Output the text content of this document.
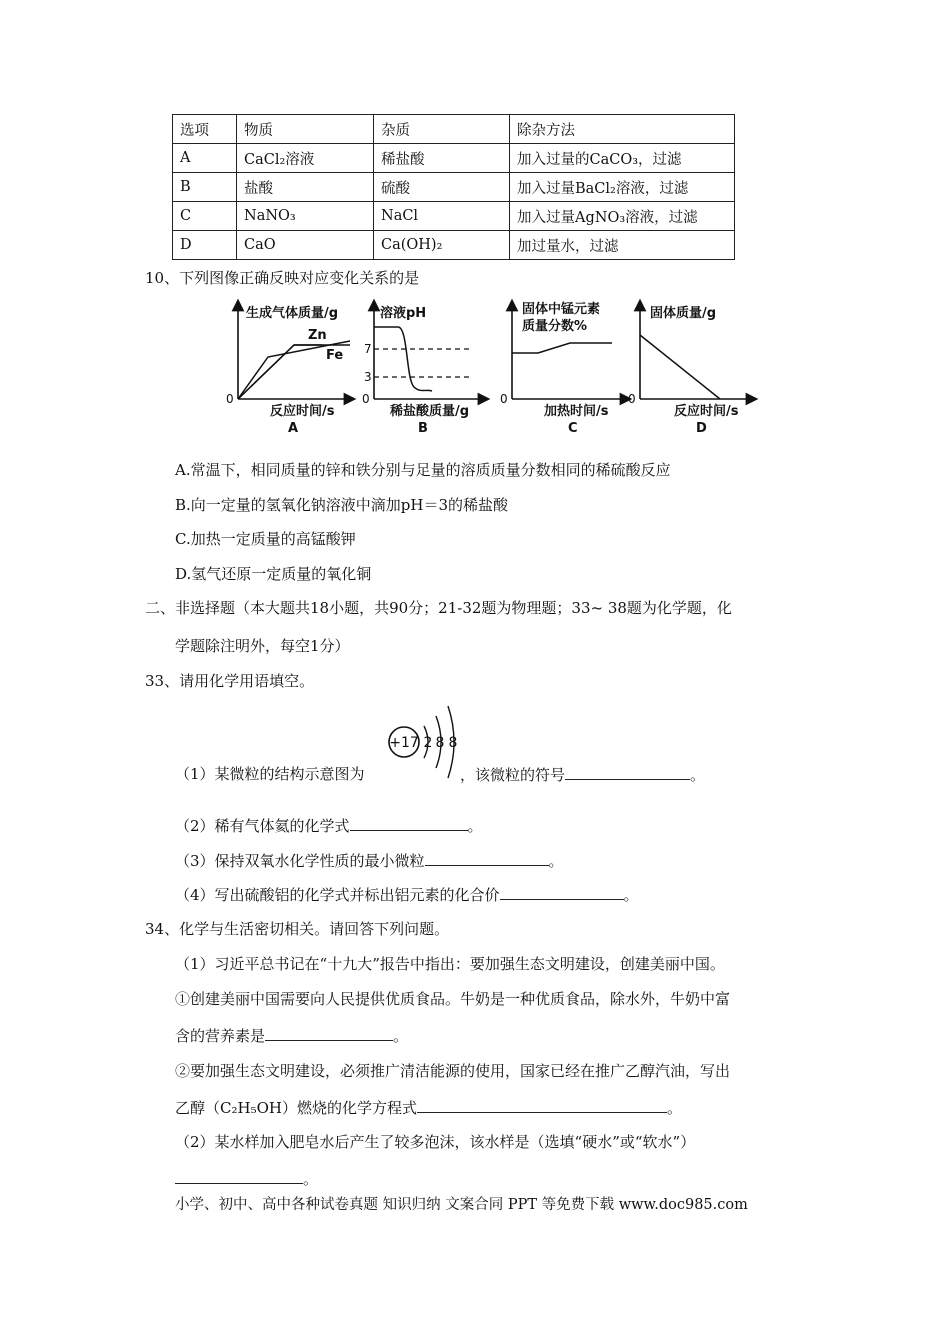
选项	物质	杂质	除杂方法
A	CaCl₂溶液	稀盐酸	加入过量的CaCO₃，过滤
B	盐酸	硫酸	加入过量BaCl₂溶液，过滤
C	NaNO₃	NaCl	加入过量AgNO₃溶液，过滤
D	CaO	Ca(OH)₂	加过量水，过滤
10、下列图像正确反映对应变化关系的是
生成气体质量/g
Zn
Fe
0
反应时间/s
A
溶液pH
7
3
0
稀盐酸质量/g
B
固体中锰元素
质量分数%
0
加热时间/s
C
固体质量/g
0
反应时间/s
D
A.常温下，相同质量的锌和铁分别与足量的溶质质量分数相同的稀硫酸反应
B.向一定量的氢氧化钠溶液中滴加pH＝3的稀盐酸
C.加热一定质量的高锰酸钾
D.氢气还原一定质量的氧化铜
二、非选择题（本大题共18小题，共90分；21-32题为物理题；33~ 38题为化学题，化
学题除注明外，每空1分）
33、请用化学用语填空。
+17 2 8 8
（1）某微粒的结构示意图为	，该微粒的符号	。
（2）稀有气体氦的化学式	。
（3）保持双氧水化学性质的最小微粒	。
（4）写出硫酸铝的化学式并标出铝元素的化合价	。
34、化学与生活密切相关。请回答下列问题。
（1）习近平总书记在“十九大”报告中指出：要加强生态文明建设，创建美丽中国。
①创建美丽中国需要向人民提供优质食品。牛奶是一种优质食品，除水外，牛奶中富
含的营养素是	。
②要加强生态文明建设，必须推广清洁能源的使用，国家已经在推广乙醇汽油，写出
乙醇（C₂H₅OH）燃烧的化学方程式	。
（2）某水样加入肥皂水后产生了较多泡沫，该水样是（选填“硬水”或“软水”）
。
小学、初中、高中各种试卷真题 知识归纳 文案合同 PPT 等免费下载 www.doc985.com
